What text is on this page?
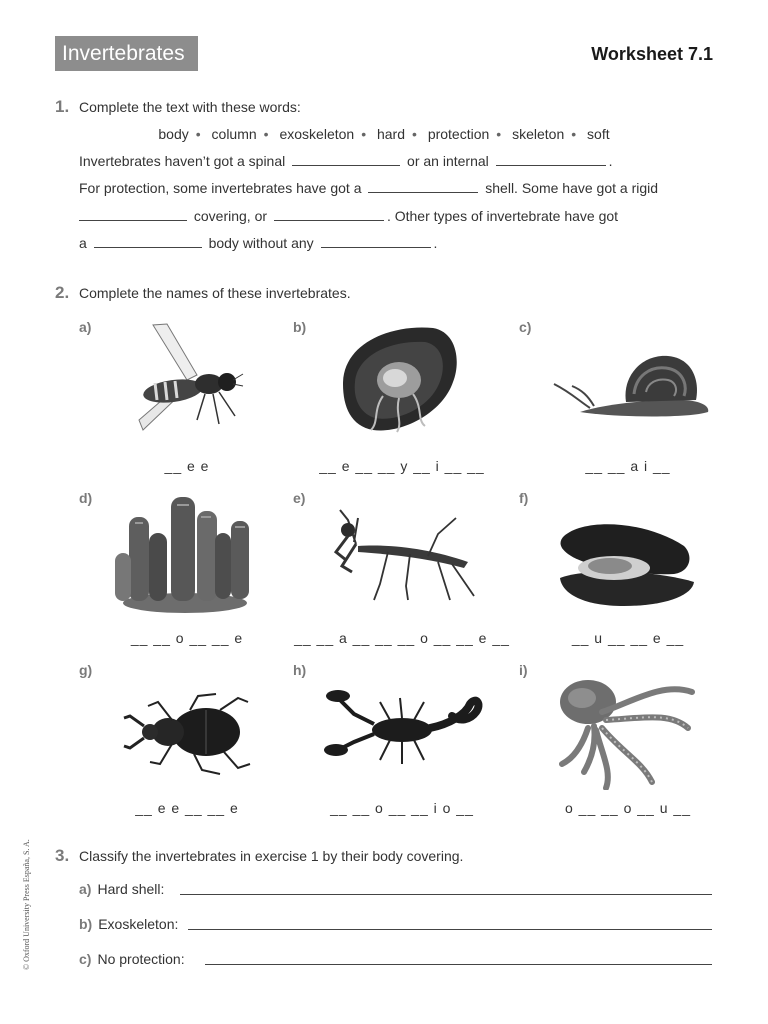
Invertebrates	Worksheet 7.1
1. Complete the text with these words:
body • column • exoskeleton • hard • protection • skeleton • soft
Invertebrates haven’t got a spinal	or an internal	.
For protection, some invertebrates have got a	shell. Some have got a rigid
covering, or	. Other types of invertebrate have got
a	body without any	.
2. Complete the names of these invertebrates.
a)
__ e e
b)
__ e __ __ y __ i __ __
c)
__ __ a i __
d)
__ __ o __ __ e
e)
__ __ a __ __ __ o __ __ e __
f)
__ u __ __ e __
g)
__ e e __ __ e
h)
__ __ o __ __ i o __
i)
o __ __ o __ u __
3. Classify the invertebrates in exercise 1 by their body covering.
a) Hard shell:
b) Exoskeleton:
c) No protection:
© Oxford University Press España, S. A.
